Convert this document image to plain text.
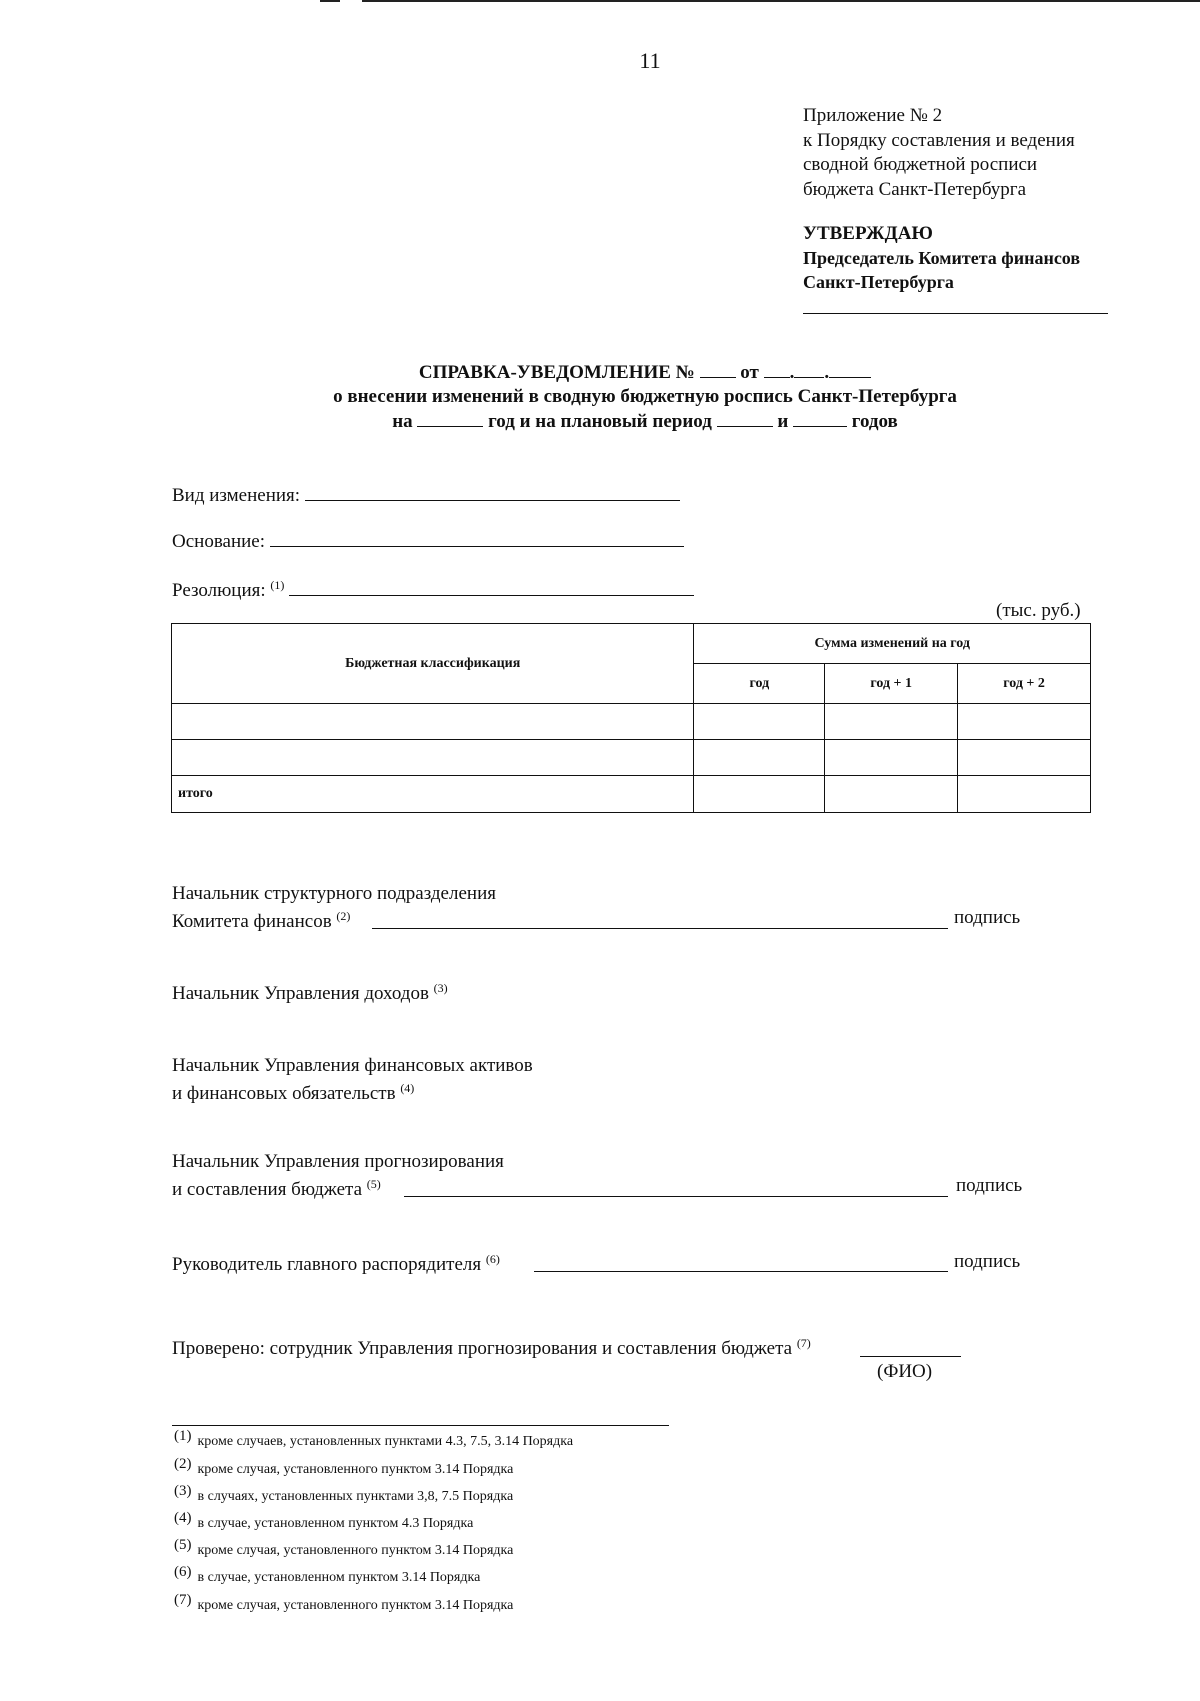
11
Приложение № 2
к Порядку составления и ведения
сводной бюджетной росписи
бюджета Санкт-Петербурга
УТВЕРЖДАЮ
Председатель Комитета финансов
Санкт-Петербурга
СПРАВКА-УВЕДОМЛЕНИЕ № от . .
о внесении изменений в сводную бюджетную роспись Санкт-Петербурга
на	год и на плановый период	и	годов
Вид изменения:
Основание:
Резолюция: $^{(1)}$
(тыс. руб.)
Бюджетная классификация	Сумма изменений на год		
	год	год + 1	год + 2

итого			
Начальник структурного подразделения
Комитета финансов $^{(2)}$	подпись
Начальник Управления доходов $^{(3)}$
Начальник Управления финансовых активов
и финансовых обязательств $^{(4)}$
Начальник Управления прогнозирования
и составления бюджета $^{(5)}$	подпись
Руководитель главного распорядителя $^{(6)}$	подпись
Проверено: сотрудник Управления прогнозирования и составления бюджета $^{(7)}$
(ФИО)
(1) кроме случаев, установленных пунктами 4.3, 7.5, 3.14 Порядка
(2) кроме случая, установленного пунктом 3.14 Порядка
(3) в случаях, установленных пунктами 3,8, 7.5 Порядка
(4) в случае, установленном пунктом 4.3 Порядка
(5) кроме случая, установленного пунктом 3.14 Порядка
(6) в случае, установленном пунктом 3.14 Порядка
(7) кроме случая, установленного пунктом 3.14 Порядка
